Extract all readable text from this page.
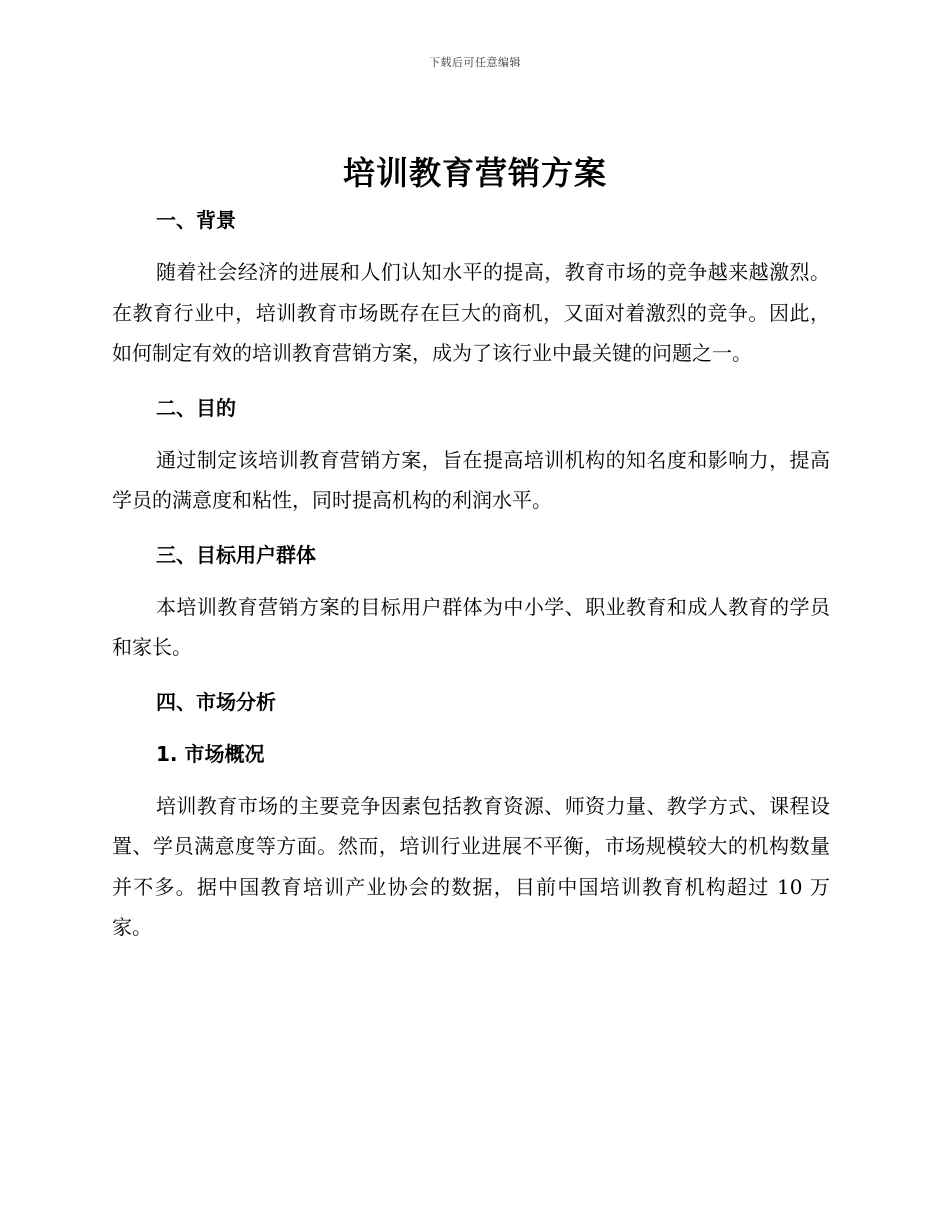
下载后可任意编辑
培训教育营销方案
一、背景

随着社会经济的进展和人们认知水平的提高，教育市场的竞争越来越激烈。在教育行业中，培训教育市场既存在巨大的商机，又面对着激烈的竞争。因此，如何制定有效的培训教育营销方案，成为了该行业中最关键的问题之一。

二、目的

通过制定该培训教育营销方案，旨在提高培训机构的知名度和影响力，提高学员的满意度和粘性，同时提高机构的利润水平。

三、目标用户群体

本培训教育营销方案的目标用户群体为中小学、职业教育和成人教育的学员和家长。

四、市场分析
1. 市场概况

培训教育市场的主要竞争因素包括教育资源、师资力量、教学方式、课程设置、学员满意度等方面。然而，培训行业进展不平衡，市场规模较大的机构数量并不多。据中国教育培训产业协会的数据，目前中国培训教育机构超过 10 万家。
